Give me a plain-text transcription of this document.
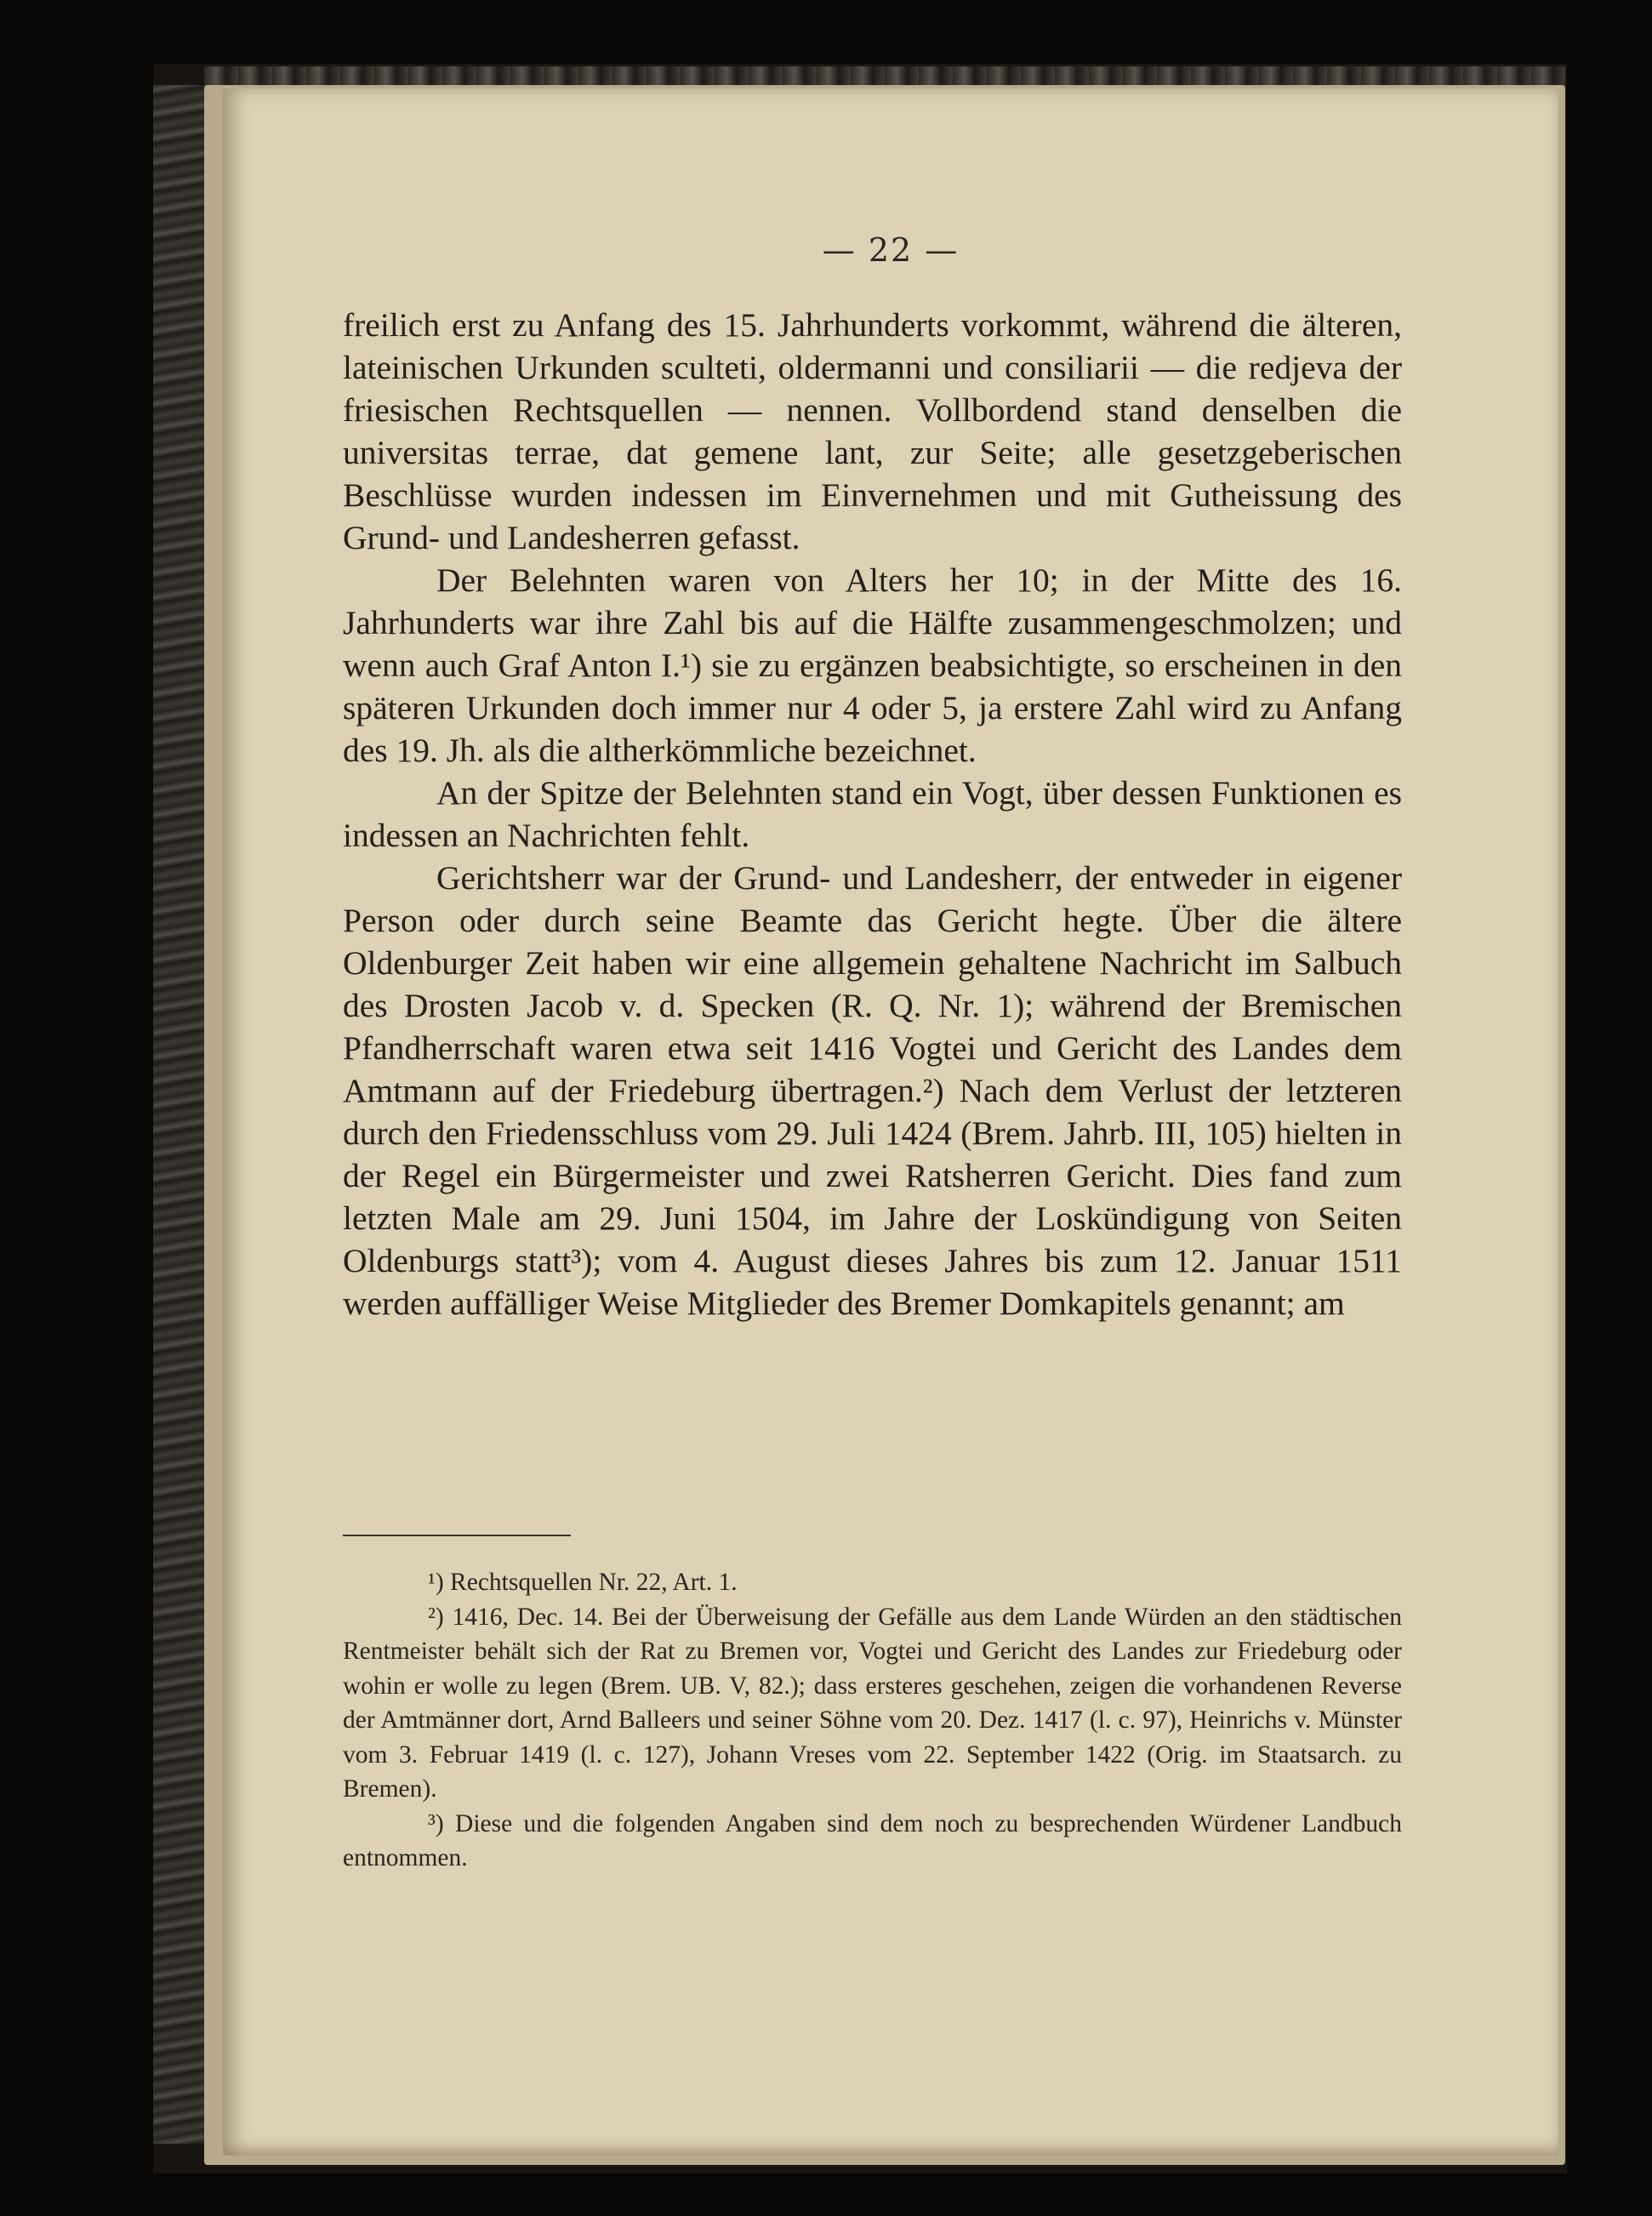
— 22 —

freilich erst zu Anfang des 15. Jahrhunderts vorkommt, während die älteren, lateinischen Urkunden sculteti, oldermanni und consiliarii — die redjeva der friesischen Rechtsquellen — nennen. Vollbordend stand denselben die universitas terrae, dat gemene lant, zur Seite; alle gesetzgeberischen Beschlüsse wurden indessen im Einvernehmen und mit Gutheissung des Grund- und Landesherren gefasst.

Der Belehnten waren von Alters her 10; in der Mitte des 16. Jahrhunderts war ihre Zahl bis auf die Hälfte zusammengeschmolzen; und wenn auch Graf Anton I.¹) sie zu ergänzen beabsichtigte, so erscheinen in den späteren Urkunden doch immer nur 4 oder 5, ja erstere Zahl wird zu Anfang des 19. Jh. als die altherkömmliche bezeichnet.

An der Spitze der Belehnten stand ein Vogt, über dessen Funktionen es indessen an Nachrichten fehlt.

Gerichtsherr war der Grund- und Landesherr, der entweder in eigener Person oder durch seine Beamte das Gericht hegte. Über die ältere Oldenburger Zeit haben wir eine allgemein gehaltene Nachricht im Salbuch des Drosten Jacob v. d. Specken (R. Q. Nr. 1); während der Bremischen Pfandherrschaft waren etwa seit 1416 Vogtei und Gericht des Landes dem Amtmann auf der Friedeburg übertragen.²) Nach dem Verlust der letzteren durch den Friedensschluss vom 29. Juli 1424 (Brem. Jahrb. III, 105) hielten in der Regel ein Bürgermeister und zwei Ratsherren Gericht. Dies fand zum letzten Male am 29. Juni 1504, im Jahre der Loskündigung von Seiten Oldenburgs statt³); vom 4. August dieses Jahres bis zum 12. Januar 1511 werden auffälliger Weise Mitglieder des Bremer Domkapitels genannt; am

¹) Rechtsquellen Nr. 22, Art. 1.

²) 1416, Dec. 14. Bei der Überweisung der Gefälle aus dem Lande Würden an den städtischen Rentmeister behält sich der Rat zu Bremen vor, Vogtei und Gericht des Landes zur Friedeburg oder wohin er wolle zu legen (Brem. UB. V, 82.); dass ersteres geschehen, zeigen die vorhandenen Reverse der Amtmänner dort, Arnd Balleers und seiner Söhne vom 20. Dez. 1417 (l. c. 97), Heinrichs v. Münster vom 3. Februar 1419 (l. c. 127), Johann Vreses vom 22. September 1422 (Orig. im Staatsarch. zu Bremen).

³) Diese und die folgenden Angaben sind dem noch zu besprechenden Würdener Landbuch entnommen.
